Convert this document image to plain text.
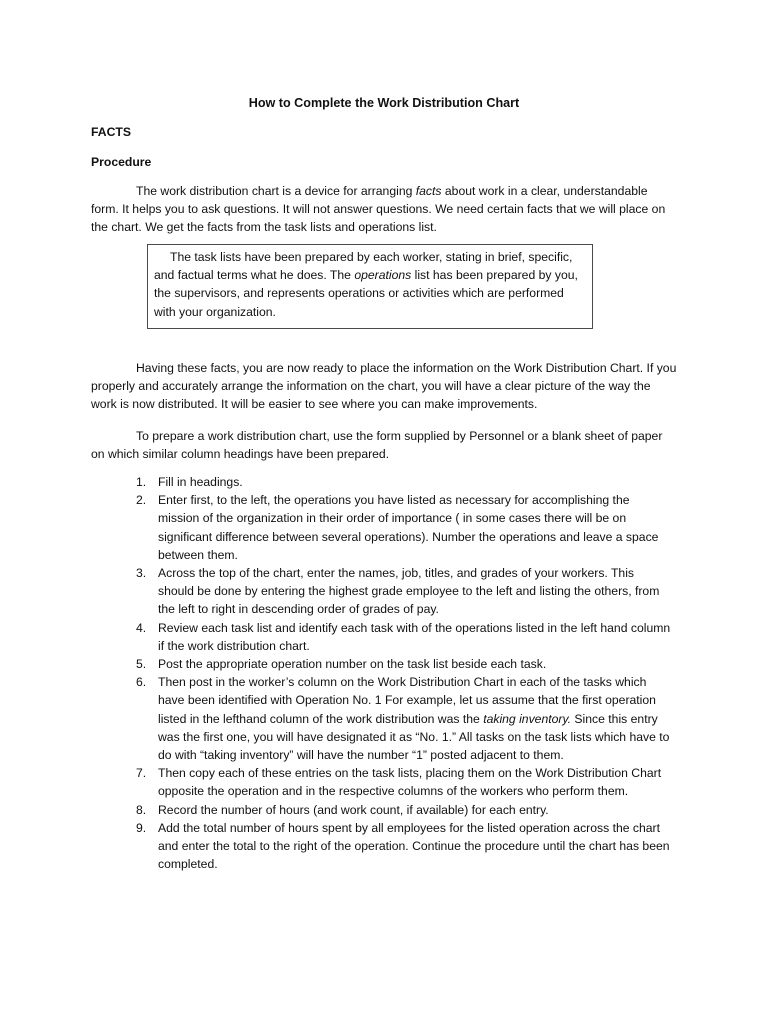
How to Complete the Work Distribution Chart
FACTS
Procedure

The work distribution chart is a device for arranging facts about work in a clear, understandable form. It helps you to ask questions. It will not answer questions. We need certain facts that we will place on the chart. We get the facts from the task lists and operations list.

The task lists have been prepared by each worker, stating in brief, specific, and factual terms what he does. The operations list has been prepared by you, the supervisors, and represents operations or activities which are performed with your organization.

Having these facts, you are now ready to place the information on the Work Distribution Chart. If you properly and accurately arrange the information on the chart, you will have a clear picture of the way the work is now distributed. It will be easier to see where you can make improvements.

To prepare a work distribution chart, use the form supplied by Personnel or a blank sheet of paper on which similar column headings have been prepared.

1. Fill in headings.
2. Enter first, to the left, the operations you have listed as necessary for accomplishing the mission of the organization in their order of importance ( in some cases there will be on significant difference between several operations). Number the operations and leave a space between them.
3. Across the top of the chart, enter the names, job, titles, and grades of your workers. This should be done by entering the highest grade employee to the left and listing the others, from the left to right in descending order of grades of pay.
4. Review each task list and identify each task with of the operations listed in the left hand column if the work distribution chart.
5. Post the appropriate operation number on the task list beside each task.
6. Then post in the worker’s column on the Work Distribution Chart in each of the tasks which have been identified with Operation No. 1 For example, let us assume that the first operation listed in the lefthand column of the work distribution was the taking inventory. Since this entry was the first one, you will have designated it as “No. 1.” All tasks on the task lists which have to do with “taking inventory” will have the number “1” posted adjacent to them.
7. Then copy each of these entries on the task lists, placing them on the Work Distribution Chart opposite the operation and in the respective columns of the workers who perform them.
8. Record the number of hours (and work count, if available) for each entry.
9. Add the total number of hours spent by all employees for the listed operation across the chart and enter the total to the right of the operation. Continue the procedure until the chart has been completed.
